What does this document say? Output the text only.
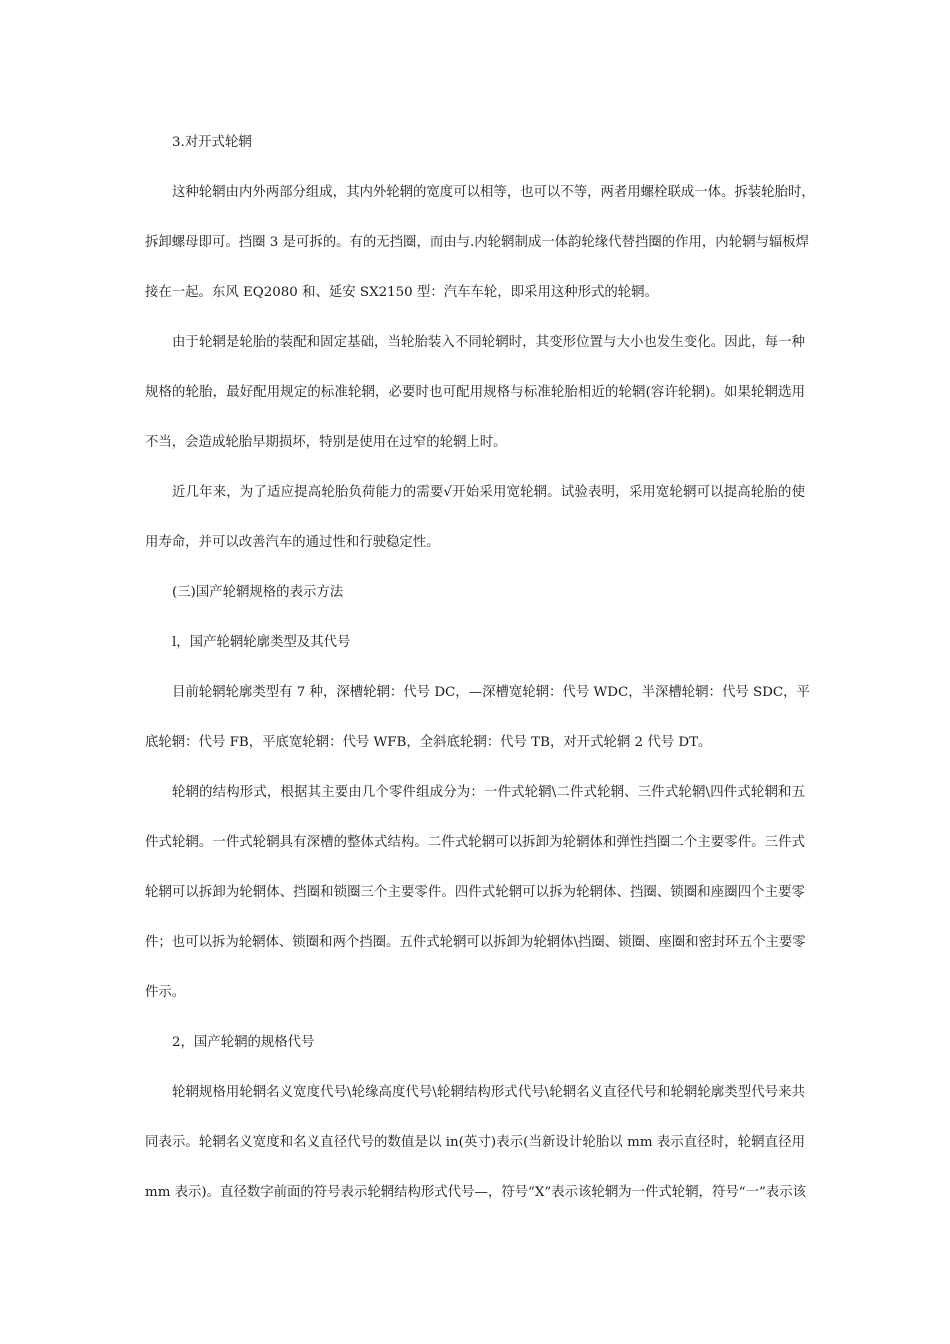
3.对开式轮辋
这种轮辋由内外两部分组成，其内外轮辋的宽度可以相等，也可以不等，两者用螺栓联成一体。拆装轮胎时，
拆卸螺母即可。挡圈 3 是可拆的。有的无挡圈，而由与.内轮辋制成一体韵轮缘代替挡圈的作用，内轮辋与辐板焊
接在一起。东风 EQ2080 和、延安 SX2150 型：汽车车轮，即采用这种形式的轮辋。
由于轮辋是轮胎的装配和固定基础，当轮胎装入不同轮辋时，其变形位置与大小也发生变化。因此，每一种
规格的轮胎，最好配用规定的标准轮辋，必要时也可配用规格与标准轮胎相近的轮辋(容许轮辋)。如果轮辋选用
不当，会造成轮胎早期损坏，特别是使用在过窄的轮辋上时。
近几年来，为了适应提高轮胎负荷能力的需要√开始采用宽轮辋。试验表明，采用宽轮辋可以提高轮胎的使
用寿命，并可以改善汽车的通过性和行驶稳定性。
(三)国产轮辋规格的表示方法
l，国产轮辋轮廓类型及其代号
目前轮辋轮廓类型有 7 种，深槽轮辋：代号 DC，—深槽宽轮辋：代号 WDC，半深槽轮辋：代号 SDC，平
底轮辋：代号 FB，平底宽轮辋：代号 WFB，全斜底轮辋：代号 TB，对开式轮辋 2 代号 DT。
轮辋的结构形式，根据其主要由几个零件组成分为：一件式轮辋\二件式轮辋、三件式轮辋\四件式轮辋和五
件式轮辋。一件式轮辋具有深槽的整体式结构。二件式轮辋可以拆卸为轮辋体和弹性挡圈二个主要零件。三件式
轮辋可以拆卸为轮辋体、挡圈和锁圈三个主要零件。四件式轮辋可以拆为轮辋体、挡圈、锁圈和座圈四个主要零
件；也可以拆为轮辋体、锁圈和两个挡圈。五件式轮辋可以拆卸为轮辋体\挡圈、锁圈、座圈和密封环五个主要零
件示。
2，国产轮辋的规格代号
轮辋规格用轮辋名义宽度代号\轮缘高度代号\轮辋结构形式代号\轮辋名义直径代号和轮辋轮廓类型代号来共
同表示。轮辋名义宽度和名义直径代号的数值是以 in(英寸)表示(当新设计轮胎以 mm 表示直径时，轮辋直径用
mm 表示)。直径数字前面的符号表示轮辋结构形式代号—，符号“X”表示该轮辋为一件式轮辋，符号“一”表示该
